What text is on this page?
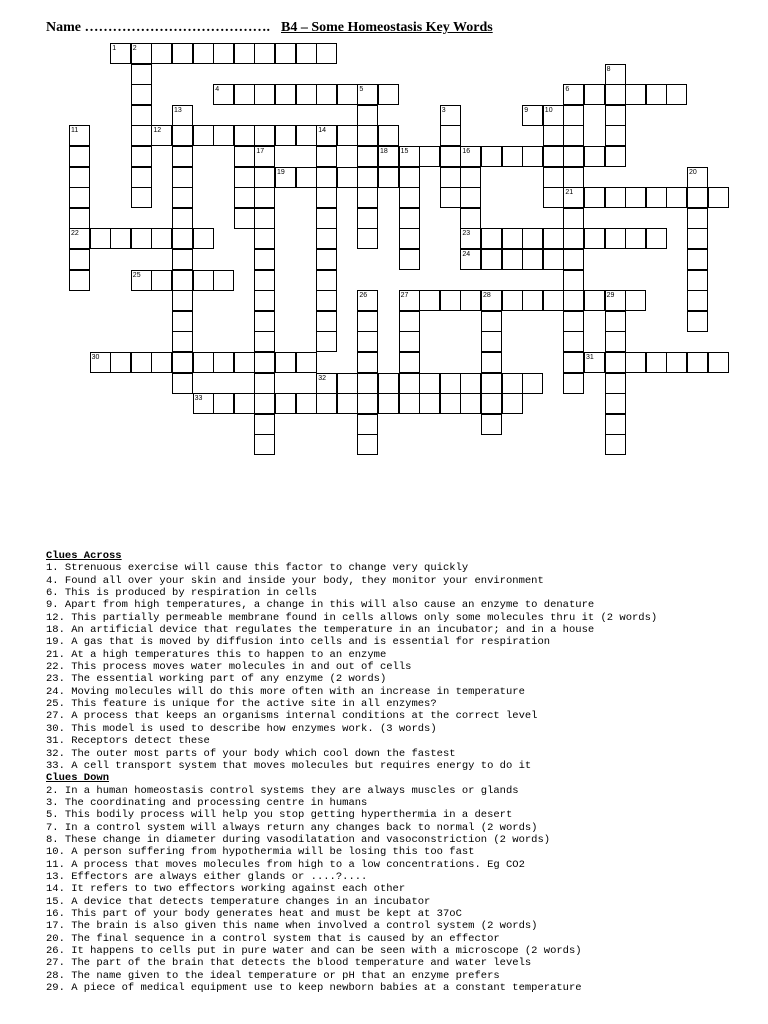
Name …………………………………. B4 – Some Homeostasis Key Words
1
4	6
9
12
18
19
21
22	23
24
25
27
30	31
32
33
2
3
5
8
10
11
13
14
15	16
17
20
26	28	29
Clues Across
1. Strenuous exercise will cause this factor to change very quickly
4. Found all over your skin and inside your body, they monitor your environment
6. This is produced by respiration in cells
9. Apart from high temperatures, a change in this will also cause an enzyme to denature
12. This partially permeable membrane found in cells allows only some molecules thru it (2 words)
18. An artificial device that regulates the temperature in an incubator; and in a house
19. A gas that is moved by diffusion into cells and is essential for respiration
21. At a high temperatures this to happen to an enzyme
22. This process moves water molecules in and out of cells
23. The essential working part of any enzyme (2 words)
24. Moving molecules will do this more often with an increase in temperature
25. This feature is unique for the active site in all enzymes?
27. A process that keeps an organisms internal conditions at the correct level
30. This model is used to describe how enzymes work. (3 words)
31. Receptors detect these
32. The outer most parts of your body which cool down the fastest
33. A cell transport system that moves molecules but requires energy to do it
Clues Down
2. In a human homeostasis control systems they are always muscles or glands
3. The coordinating and processing centre in humans
5. This bodily process will help you stop getting hyperthermia in a desert
7. In a control system will always return any changes back to normal (2 words)
8. These change in diameter during vasodilatation and vasoconstriction (2 words)
10. A person suffering from hypothermia will be losing this too fast
11. A process that moves molecules from high to a low concentrations. Eg CO2
13. Effectors are always either glands or ....?....
14. It refers to two effectors working against each other
15. A device that detects temperature changes in an incubator
16. This part of your body generates heat and must be kept at 37oC
17. The brain is also given this name when involved a control system (2 words)
20. The final sequence in a control system that is caused by an effector
26. It happens to cells put in pure water and can be seen with a microscope (2 words)
27. The part of the brain that detects the blood temperature and water levels
28. The name given to the ideal temperature or pH that an enzyme prefers
29. A piece of medical equipment use to keep newborn babies at a constant temperature
